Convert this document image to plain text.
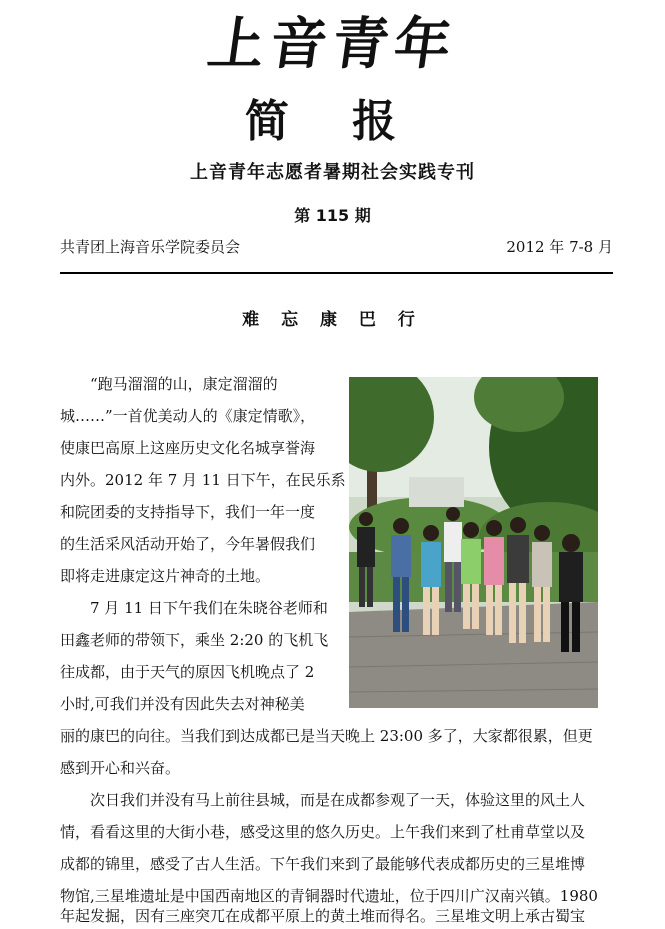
上音青年
简 报
上音青年志愿者暑期社会实践专刊
第 115 期
共青团上海音乐学院委员会	2012 年 7-8 月
难 忘 康 巴 行
“跑马溜溜的山，康定溜溜的
城……”一首优美动人的《康定情歌》，
使康巴高原上这座历史文化名城享誉海
内外。2012 年 7 月 11 日下午，在民乐系
和院团委的支持指导下，我们一年一度
的生活采风活动开始了，今年暑假我们
即将走进康定这片神奇的土地。
7 月 11 日下午我们在朱晓谷老师和
田鑫老师的带领下，乘坐 2:20 的飞机飞
往成都，由于天气的原因飞机晚点了 2
小时,可我们并没有因此失去对神秘美
丽的康巴的向往。当我们到达成都已是当天晚上 23:00 多了，大家都很累，但更
感到开心和兴奋。
次日我们并没有马上前往县城，而是在成都参观了一天，体验这里的风土人
情，看看这里的大街小巷，感受这里的悠久历史。上午我们来到了杜甫草堂以及
成都的锦里，感受了古人生活。下午我们来到了最能够代表成都历史的三星堆博
物馆,三星堆遗址是中国西南地区的青铜器时代遗址，位于四川广汉南兴镇。1980
年起发掘，因有三座突兀在成都平原上的黄土堆而得名。三星堆文明上承古蜀宝
